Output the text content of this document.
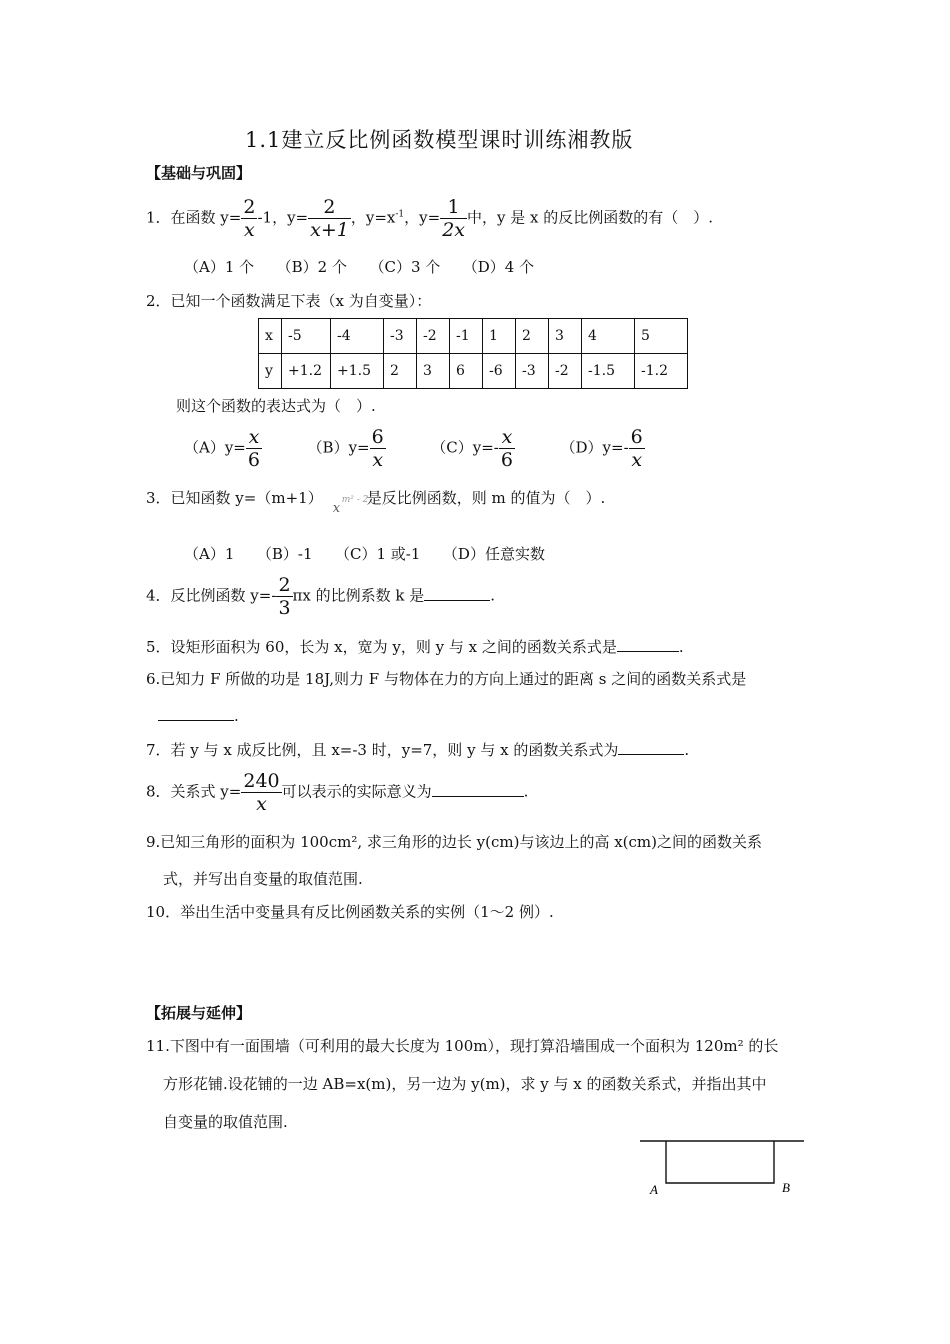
1.1建立反比例函数模型课时训练湘教版
【基础与巩固】
1．在函数 $y= \frac{2}{x} -1$，$y= \frac{2}{x+1}$ ，$y=x^{-1}$，$y= \frac{1}{2x}$ 中，y 是 x 的反比例函数的有（　）.
（A）1 个　　（B）2 个　　（C）3 个　　（D）4 个
2．已知一个函数满足下表（x 为自变量）：
x	-5	-4	-3	-2	-1	1	2	3	4	5
y	+1.2	+1.5	2	3	6	-6	-3	-2	-1.5	-1.2
则这个函数的表达式为（　）.
$(A)y= \frac{x}{6}$	$(B)y= \frac{6}{x}$	$(C)y=- \frac{x}{6}$	$(D)y=- \frac{6}{x}$
3．已知函数 y=（m+1）
x
m² - 2
是反比例函数，则 m 的值为（　）.
（A）1　　（B）-1　　（C）1 或-1　　（D）任意实数
4．反比例函数 $y=- \frac{2}{3}$ πx 的比例系数 k 是	.
5．设矩形面积为 60，长为 x，宽为 y，则 y 与 x 之间的函数关系式是	.
6.已知力 F 所做的功是 18J,则力 F 与物体在力的方向上通过的距离 s 之间的函数关系式是
.
7．若 y 与 x 成反比例，且 x=-3 时，y=7，则 y 与 x 的函数关系式为	.
8．关系式 $y= \frac{240}{x}$ 可以表示的实际意义为	.
9.已知三角形的面积为 100cm², 求三角形的边长 y(cm)与该边上的高 x(cm)之间的函数关系
式，并写出自变量的取值范围.
10．举出生活中变量具有反比例函数关系的实例（1～2 例）.
【拓展与延伸】
11.下图中有一面围墙（可利用的最大长度为 100m），现打算沿墙围成一个面积为 120m² 的长
方形花铺.设花铺的一边 AB=x(m)，另一边为 y(m)，求 y 与 x 的函数关系式，并指出其中
自变量的取值范围.
A	B
